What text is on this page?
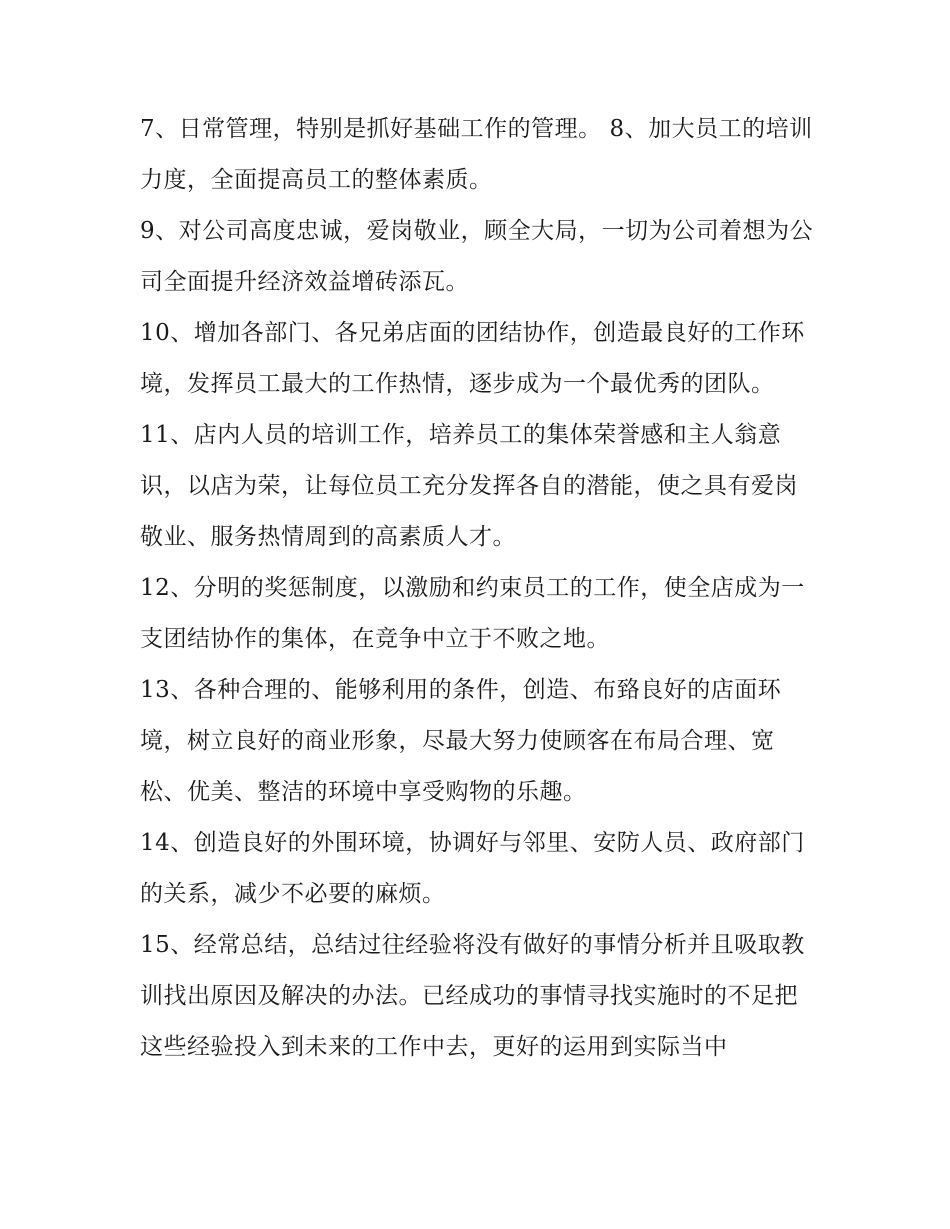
7、日常管理，特别是抓好基础工作的管理。 8、加大员工的培训力度，全面提高员工的整体素质。

9、对公司高度忠诚，爱岗敬业，顾全大局，一切为公司着想为公司全面提升经济效益增砖添瓦。

10、增加各部门、各兄弟店面的团结协作，创造最良好的工作环境，发挥员工最大的工作热情，逐步成为一个最优秀的团队。

11、店内人员的培训工作，培养员工的集体荣誉感和主人翁意识，以店为荣，让每位员工充分发挥各自的潜能，使之具有爱岗敬业、服务热情周到的高素质人才。

12、分明的奖惩制度，以激励和约束员工的工作，使全店成为一支团结协作的集体，在竞争中立于不败之地。

13、各种合理的、能够利用的条件，创造、布臵良好的店面环境，树立良好的商业形象，尽最大努力使顾客在布局合理、宽松、优美、整洁的环境中享受购物的乐趣。

14、创造良好的外围环境，协调好与邻里、安防人员、政府部门的关系，减少不必要的麻烦。

15、经常总结，总结过往经验将没有做好的事情分析并且吸取教训找出原因及解决的办法。已经成功的事情寻找实施时的不足把这些经验投入到未来的工作中去，更好的运用到实际当中
